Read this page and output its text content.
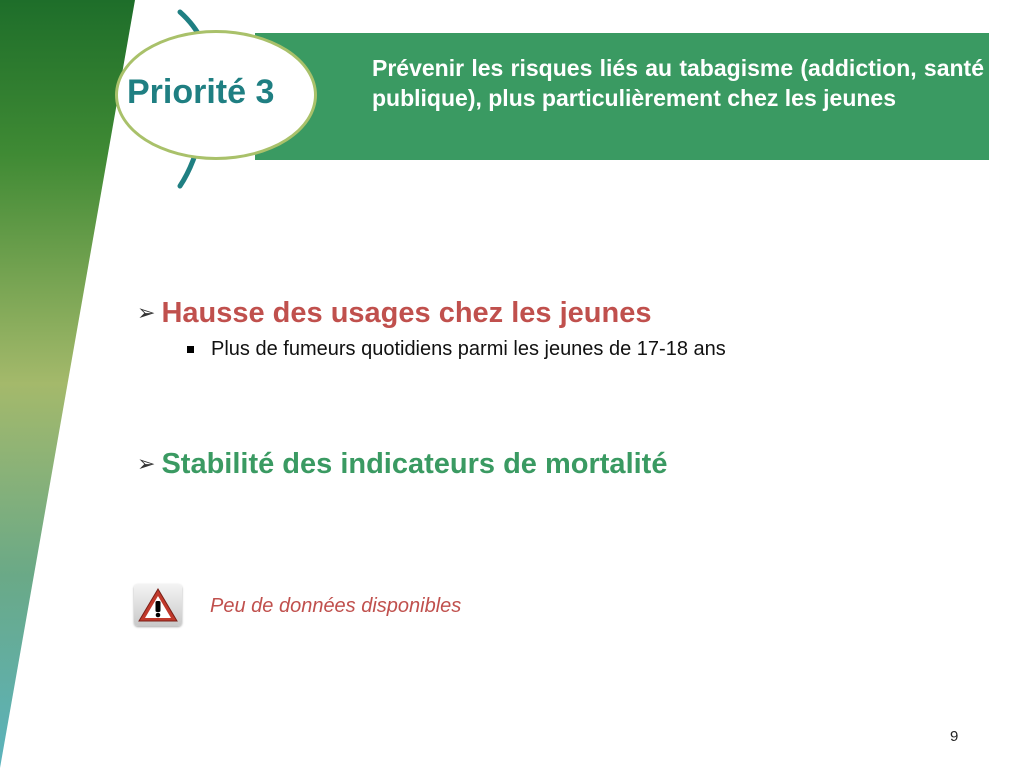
Priorité 3
Prévenir les risques liés au tabagisme (addiction, santé publique), plus particulièrement chez les jeunes
➢ Hausse des usages chez les jeunes
Plus de fumeurs quotidiens parmi les jeunes de 17-18 ans
➢ Stabilité des indicateurs de mortalité
Peu de données disponibles
9
